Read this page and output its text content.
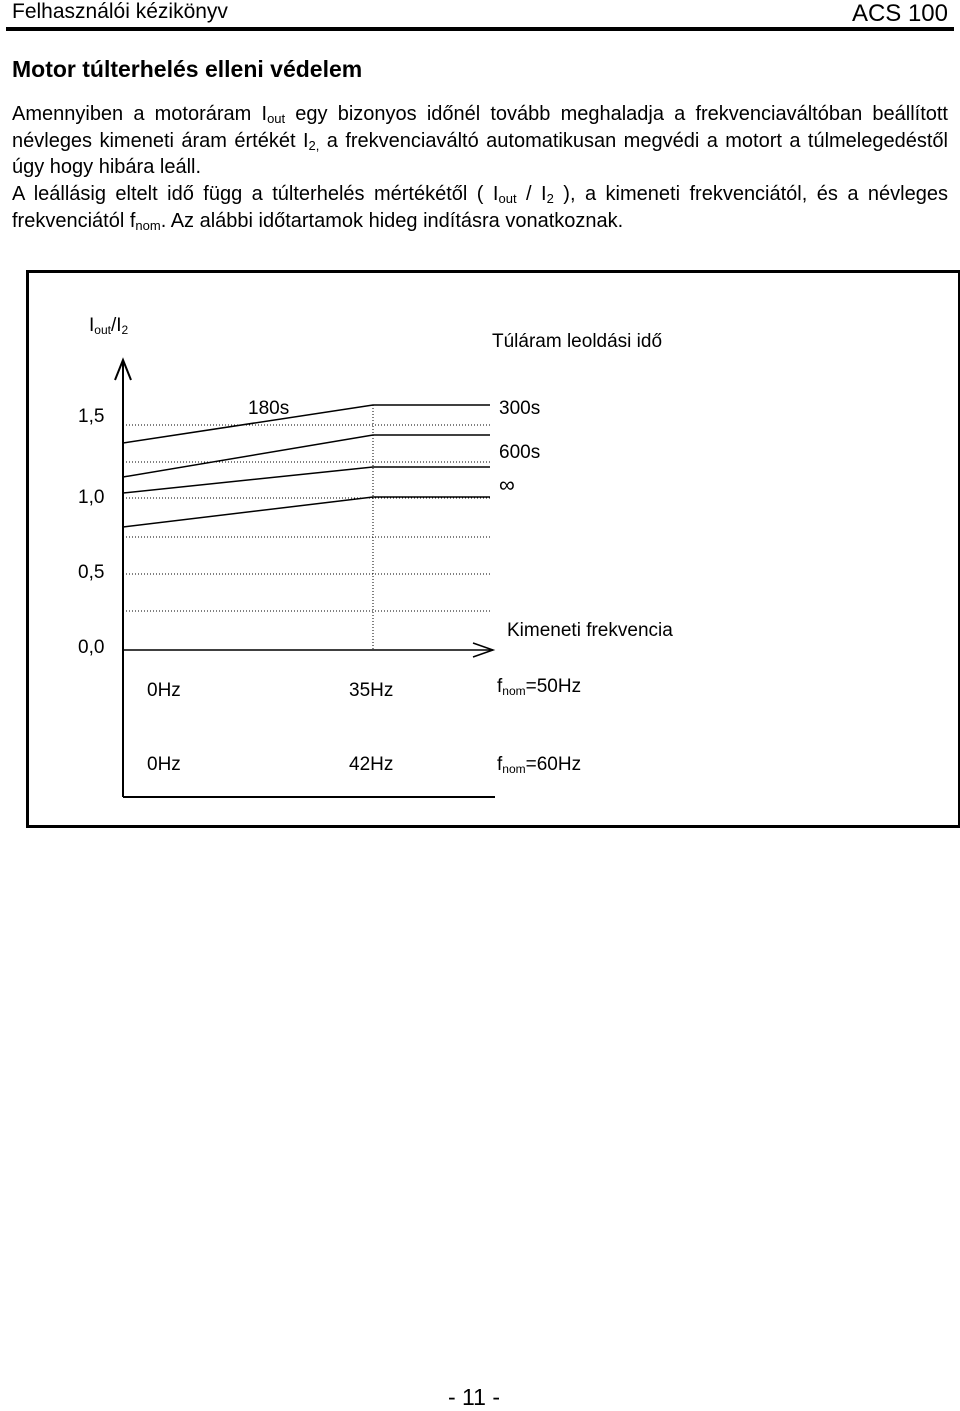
Felhasználói kézikönyv	ACS 100
Motor túlterhelés elleni védelem
Amennyiben a motoráram $I_{out}$ egy bizonyos időnél tovább meghaladja a frekvenciaváltóban beállított névleges kimeneti áram értékét $I_{2,}$ a frekvenciaváltó automatikusan megvédi a motort a túlmelegedéstől úgy hogy hibára leáll.
A leállásig eltelt idő függ a túlterhelés mértékétől ( $I_{out} / I_2$ ), a kimeneti frekvenciától, és a névleges frekvenciától $f_{nom}$. Az alábbi időtartamok hideg indításra vonatkoznak.
$I_{out}/I_2$
Túláram leoldási idő
1,5
1,0
0,5
0,0
180s	300s
600s
∞
Kimeneti frekvencia
0Hz	35Hz	$f_{nom}=50Hz$
0Hz	42Hz	$f_{nom}=60Hz$
- 11 -
